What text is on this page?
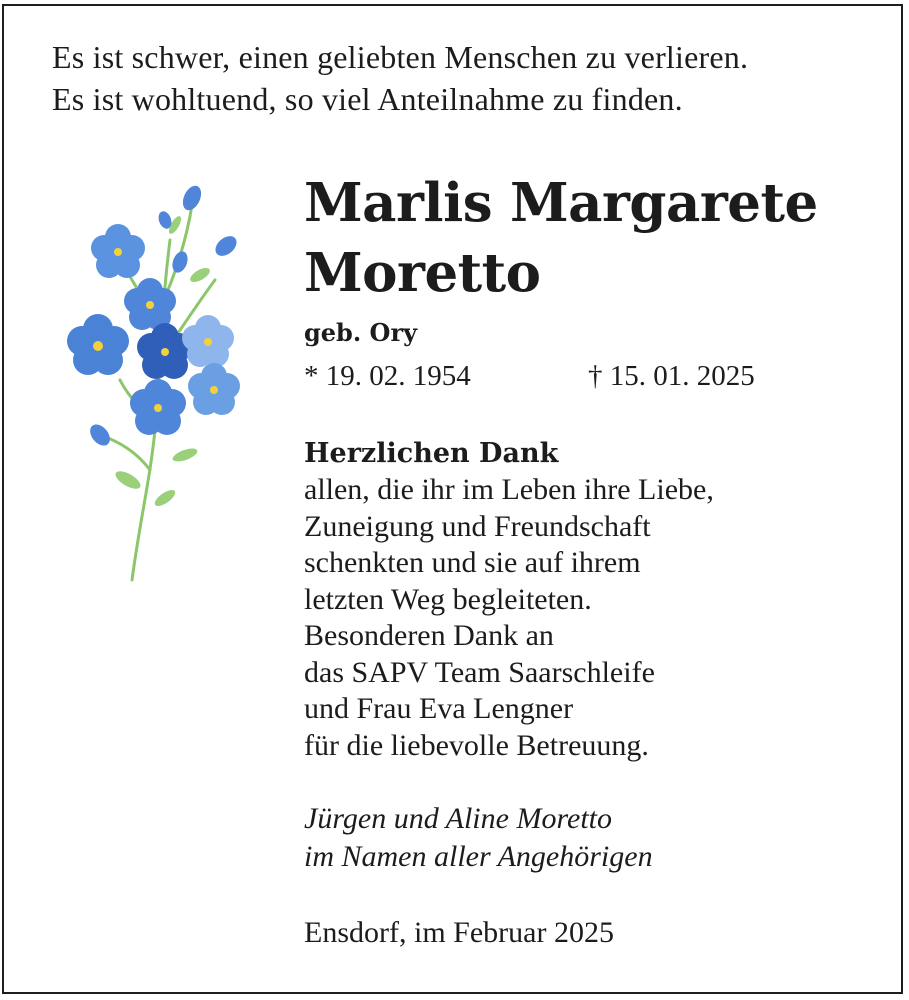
Es ist schwer, einen geliebten Menschen zu verlieren.
Es ist wohltuend, so viel Anteilnahme zu finden.
Marlis Margarete
Moretto
geb. Ory
* 19. 02. 1954	† 15. 01. 2025
Herzlichen Dank
allen, die ihr im Leben ihre Liebe,
Zuneigung und Freundschaft
schenkten und sie auf ihrem
letzten Weg begleiteten.
Besonderen Dank an
das SAPV Team Saarschleife
und Frau Eva Lengner
für die liebevolle Betreuung.
Jürgen und Aline Moretto
im Namen aller Angehörigen
Ensdorf, im Februar 2025
